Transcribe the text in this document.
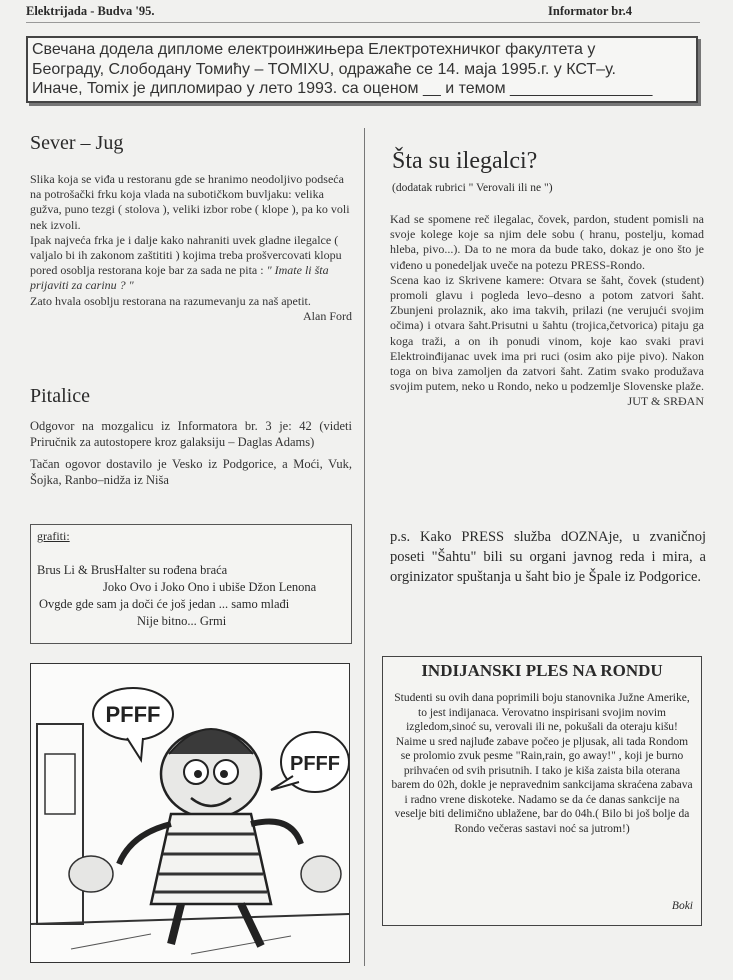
Elektrijada - Budva '95.	Informator br.4
Свечана додела дипломе електроинжињера Електротехничког факултета у
Београду, Слободану Томићу – TOMIXU, одражаће се 14. маја 1995.г. у КСТ–у.
Иначе, Tomix је дипломирао у лето 1993. са оценом __ и темом ________________
Sever – Jug

Slika koja se viđa u restoranu gde se hranimo neodoljivo podseća na potrošački frku koja vlada na subotičkom buvljaku: velika gužva, puno tezgi ( stolova ), veliki izbor robe ( klope ), pa ko voli nek izvoli.

Ipak najveća frka je i dalje kako nahraniti uvek gladne ilegalce ( valjalo bi ih zakonom zaštititi ) kojima treba prošvercovati klopu pored osoblja restorana koje bar za sada ne pita : " Imate li šta prijaviti za carinu ? "

Zato hvala osoblju restorana na razumevanju za naš apetit.

Alan Ford
Pitalice

Odgovor na mozgalicu iz Informatora br. 3 je: 42 (videti Priručnik za autostopere kroz galaksiju – Daglas Adams)

Tačan ogovor dostavilo je Vesko iz Podgorice, a Moći, Vuk, Šojka, Ranbo–nidža iz Niša

grafiti:
Brus Li & BrusHalter su rođena braća
Joko Ovo i Joko Ono i ubiše Džon Lenona
Ovgde gde sam ja doči će još jedan ... samo mlađi
Nije bitno... Grmi
PFFF
PFFF
Šta su ilegalci?
(dodatak rubrici " Verovali ili ne ")

Kad se spomene reč ilegalac, čovek, pardon, student pomisli na svoje kolege koje sa njim dele sobu ( hranu, postelju, komad hleba, pivo...). Da to ne mora da bude tako, dokaz je ono što je viđeno u ponedeljak uveče na potezu PRESS-Rondo.

Scena kao iz Skrivene kamere: Otvara se šaht, čovek (student) promoli glavu i pogleda levo–desno a potom zatvori šaht. Zbunjeni prolaznik, ako ima takvih, prilazi (ne verujući svojim očima) i otvara šaht.Prisutni u šahtu (trojica,četvorica) pitaju ga koga traži, a on ih ponudi vinom, koje kao svaki pravi Elektroinđijanac uvek ima pri ruci (osim ako pije pivo). Nakon toga on biva zamoljen da zatvori šaht. Zatim svako produžava svojim putem, neko u Rondo, neko u podzemlje Slovenske plaže.

JUT & SRĐAN
p.s. Kako PRESS služba dOZNAje, u zvaničnoj poseti "Šahtu" bili su organi javnog reda i mira, a orginizator spuštanja u šaht bio je Špale iz Podgorice.
INDIJANSKI PLES NA RONDU
Studenti su ovih dana poprimili boju stanovnika Južne Amerike, to jest indijanaca. Verovatno inspirisani svojim novim izgledom,sinoć su, verovali ili ne, pokušali da oteraju kišu! Naime u sred najluđe zabave počeo je pljusak, ali tada Rondom se prolomio zvuk pesme "Rain,rain, go away!" , koji je burno prihvaćen od svih prisutnih. I tako je kiša zaista bila oterana barem do 02h, dokle je nepravednim sankcijama skraćena zabava i radno vrene diskoteke. Nadamo se da će danas sankcije na veselje biti delimično ublažene, bar do 04h.( Bilo bi još bolje da Rondo večeras sastavi noć sa jutrom!)
Boki
